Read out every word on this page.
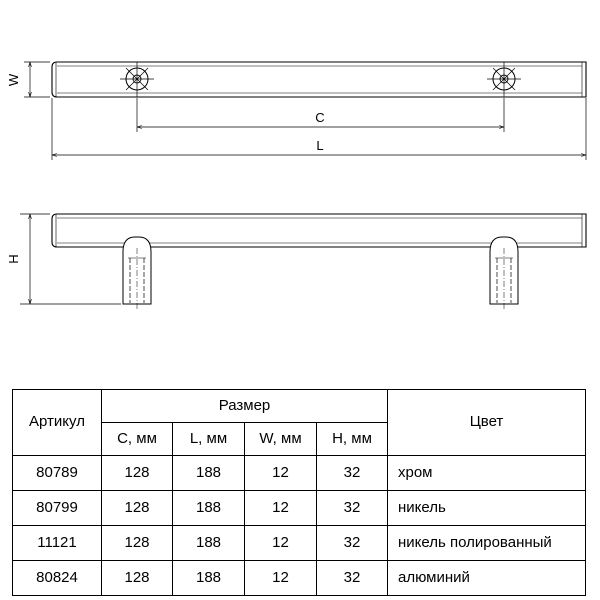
W
C
L
H
Артикул	Размер				Цвет
	C, мм	L, мм	W, мм	H, мм	
80789	128	188	12	32	хром
80799	128	188	12	32	никель
11121	128	188	12	32	никель полированный
80824	128	188	12	32	алюминий
